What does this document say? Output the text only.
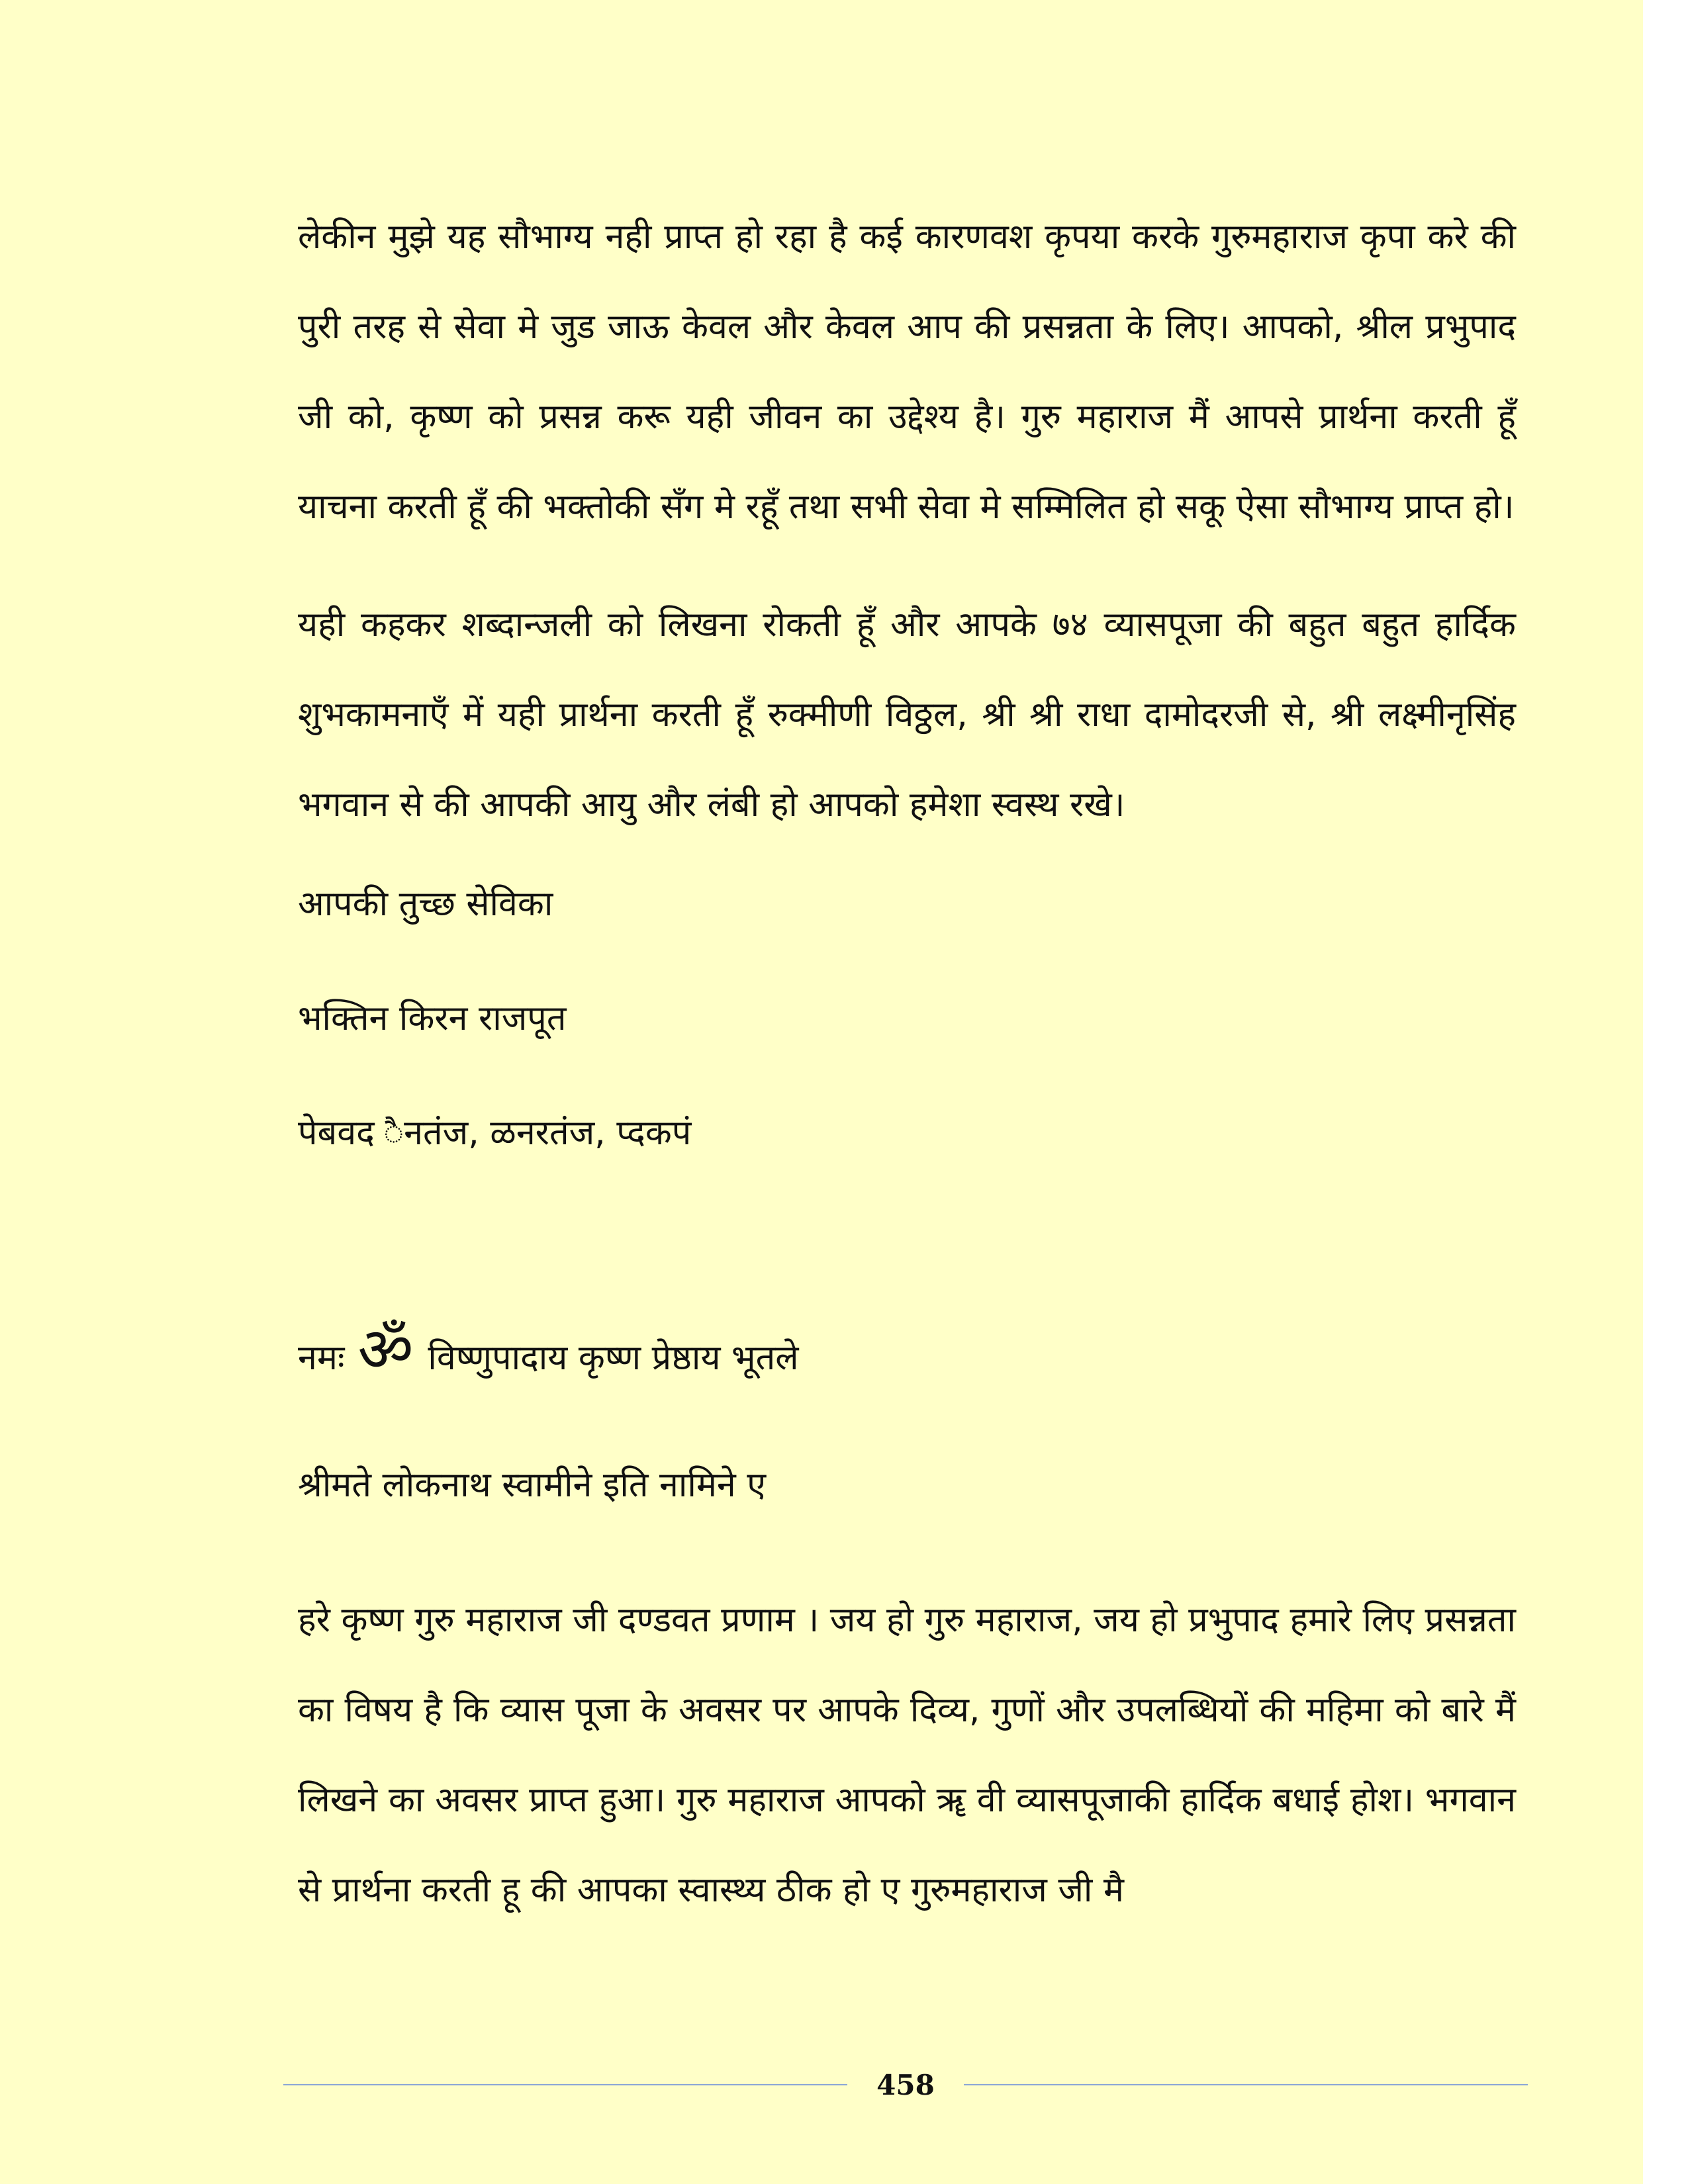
लेकीन मुझे यह सौभाग्य नही प्राप्त हो रहा है कई कारणवश कृपया करके गुरुमहाराज कृपा करे की पुरी तरह से सेवा मे जुड जाऊ केवल और केवल आप की प्रसन्नता के लिए। आपको, श्रील प्रभुपाद जी को, कृष्ण को प्रसन्न करू यही जीवन का उद्देश्य है। गुरु महाराज मैं आपसे प्रार्थना करती हूँ याचना करती हूँ की भक्तोकी सँग मे रहूँ तथा सभी सेवा मे सम्मिलित हो सकू ऐसा सौभाग्य प्राप्त हो।

यही कहकर शब्दान्जली को लिखना रोकती हूँ और आपके ७४ व्यासपूजा की बहुत बहुत हार्दिक शुभकामनाएँ में यही प्रार्थना करती हूँ रुक्मीणी विठ्ठल, श्री श्री राधा दामोदरजी से, श्री लक्ष्मीनृसिंह भगवान से की आपकी आयु और लंबी हो आपको हमेशा स्वस्थ रखे।

आपकी तुच्छ सेविका

भक्तिन किरन राजपूत

पेबवद ैनतंज, ळनरतंज, प्दकपं

नमः ॐ विष्णुपादाय कृष्ण प्रेष्ठाय भूतले

श्रीमते लोकनाथ स्वामीने इति नामिने ए

हरे कृष्ण गुरु महाराज जी दण्डवत प्रणाम । जय हो गुरु महाराज, जय हो प्रभुपाद हमारे लिए प्रसन्नता का विषय है कि व्यास पूजा के अवसर पर आपके दिव्य, गुणों और उपलब्धियों की महिमा को बारे मैं लिखने का अवसर प्राप्त हुआ। गुरु महाराज आपको ॠ वी व्यासपूजाकी हार्दिक बधाई होश। भगवान से प्रार्थना करती हू की आपका स्वास्थ्य ठीक हो ए गुरुमहाराज जी मै

458
